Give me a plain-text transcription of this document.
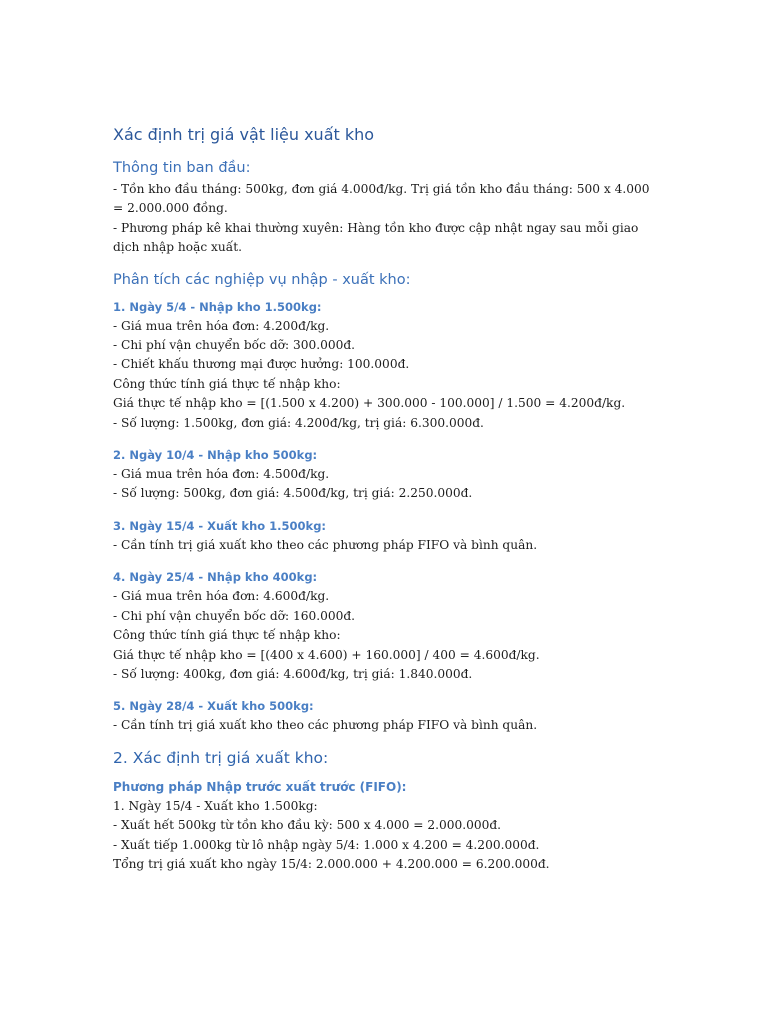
Xác định trị giá vật liệu xuất kho
Thông tin ban đầu:

- Tồn kho đầu tháng: 500kg, đơn giá 4.000đ/kg. Trị giá tồn kho đầu tháng: 500 x 4.000 = 2.000.000 đồng.

- Phương pháp kê khai thường xuyên: Hàng tồn kho được cập nhật ngay sau mỗi giao dịch nhập hoặc xuất.

Phân tích các nghiệp vụ nhập - xuất kho:
1. Ngày 5/4 - Nhập kho 1.500kg:

- Giá mua trên hóa đơn: 4.200đ/kg.

- Chi phí vận chuyển bốc dỡ: 300.000đ.

- Chiết khấu thương mại được hưởng: 100.000đ.

Công thức tính giá thực tế nhập kho:

Giá thực tế nhập kho = [(1.500 x 4.200) + 300.000 - 100.000] / 1.500 = 4.200đ/kg.

- Số lượng: 1.500kg, đơn giá: 4.200đ/kg, trị giá: 6.300.000đ.

2. Ngày 10/4 - Nhập kho 500kg:

- Giá mua trên hóa đơn: 4.500đ/kg.

- Số lượng: 500kg, đơn giá: 4.500đ/kg, trị giá: 2.250.000đ.

3. Ngày 15/4 - Xuất kho 1.500kg:

- Cần tính trị giá xuất kho theo các phương pháp FIFO và bình quân.

4. Ngày 25/4 - Nhập kho 400kg:

- Giá mua trên hóa đơn: 4.600đ/kg.

- Chi phí vận chuyển bốc dỡ: 160.000đ.

Công thức tính giá thực tế nhập kho:

Giá thực tế nhập kho = [(400 x 4.600) + 160.000] / 400 = 4.600đ/kg.

- Số lượng: 400kg, đơn giá: 4.600đ/kg, trị giá: 1.840.000đ.

5. Ngày 28/4 - Xuất kho 500kg:

- Cần tính trị giá xuất kho theo các phương pháp FIFO và bình quân.

2. Xác định trị giá xuất kho:
Phương pháp Nhập trước xuất trước (FIFO):

1. Ngày 15/4 - Xuất kho 1.500kg:

- Xuất hết 500kg từ tồn kho đầu kỳ: 500 x 4.000 = 2.000.000đ.

- Xuất tiếp 1.000kg từ lô nhập ngày 5/4: 1.000 x 4.200 = 4.200.000đ.

Tổng trị giá xuất kho ngày 15/4: 2.000.000 + 4.200.000 = 6.200.000đ.
